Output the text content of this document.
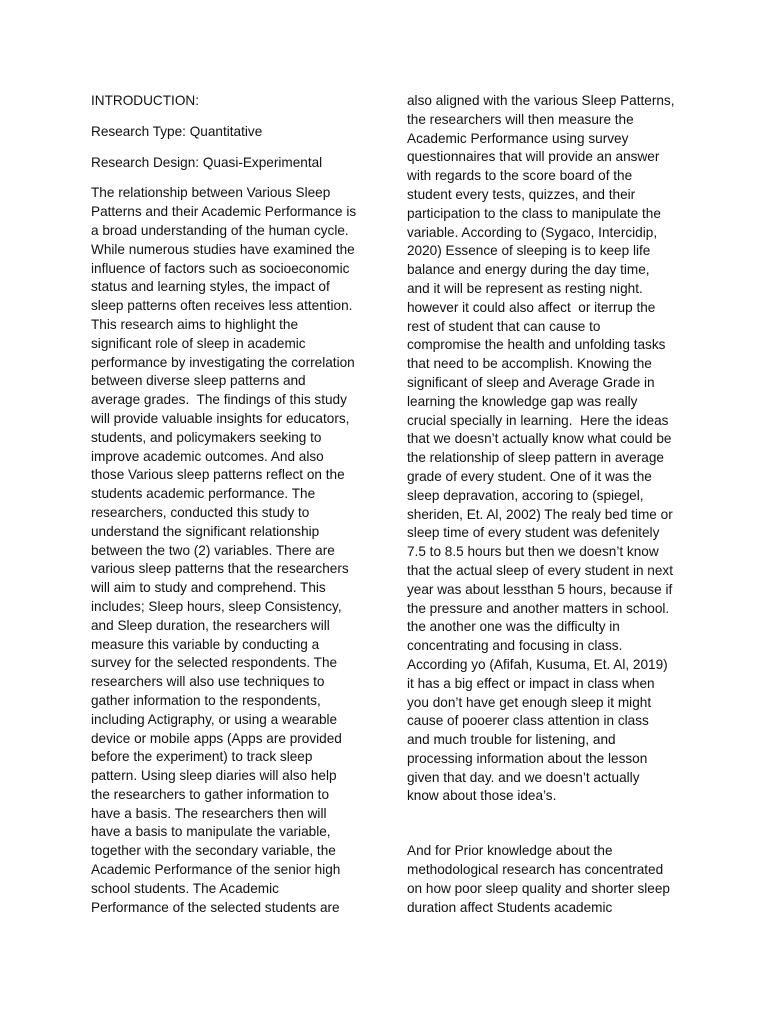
INTRODUCTION:
Research Type: Quantitative
Research Design: Quasi-Experimental
The relationship between Various Sleep
Patterns and their Academic Performance is
a broad understanding of the human cycle.
While numerous studies have examined the
influence of factors such as socioeconomic
status and learning styles, the impact of
sleep patterns often receives less attention.
This research aims to highlight the
significant role of sleep in academic
performance by investigating the correlation
between diverse sleep patterns and
average grades.  The findings of this study
will provide valuable insights for educators,
students, and policymakers seeking to
improve academic outcomes. And also
those Various sleep patterns reflect on the
students academic performance. The
researchers, conducted this study to
understand the significant relationship
between the two (2) variables. There are
various sleep patterns that the researchers
will aim to study and comprehend. This
includes; Sleep hours, sleep Consistency,
and Sleep duration, the researchers will
measure this variable by conducting a
survey for the selected respondents. The
researchers will also use techniques to
gather information to the respondents,
including Actigraphy, or using a wearable
device or mobile apps (Apps are provided
before the experiment) to track sleep
pattern. Using sleep diaries will also help
the researchers to gather information to
have a basis. The researchers then will
have a basis to manipulate the variable,
together with the secondary variable, the
Academic Performance of the senior high
school students. The Academic
Performance of the selected students are
also aligned with the various Sleep Patterns,
the researchers will then measure the
Academic Performance using survey
questionnaires that will provide an answer
with regards to the score board of the
student every tests, quizzes, and their
participation to the class to manipulate the
variable. According to (Sygaco, Intercidip,
2020) Essence of sleeping is to keep life
balance and energy during the day time,
and it will be represent as resting night.
however it could also affect  or iterrup the
rest of student that can cause to
compromise the health and unfolding tasks
that need to be accomplish. Knowing the
significant of sleep and Average Grade in
learning the knowledge gap was really
crucial specially in learning.  Here the ideas
that we doesn’t actually know what could be
the relationship of sleep pattern in average
grade of every student. One of it was the
sleep depravation, accoring to (spiegel,
sheriden, Et. Al, 2002) The realy bed time or
sleep time of every student was defenitely
7.5 to 8.5 hours but then we doesn’t know
that the actual sleep of every student in next
year was about lessthan 5 hours, because if
the pressure and another matters in school.
the another one was the difficulty in
concentrating and focusing in class.
According yo (Afifah, Kusuma, Et. Al, 2019)
it has a big effect or impact in class when
you don’t have get enough sleep it might
cause of pooerer class attention in class
and much trouble for listening, and
processing information about the lesson
given that day. and we doesn’t actually
know about those idea’s.
And for Prior knowledge about the
methodological research has concentrated
on how poor sleep quality and shorter sleep
duration affect Students academic
